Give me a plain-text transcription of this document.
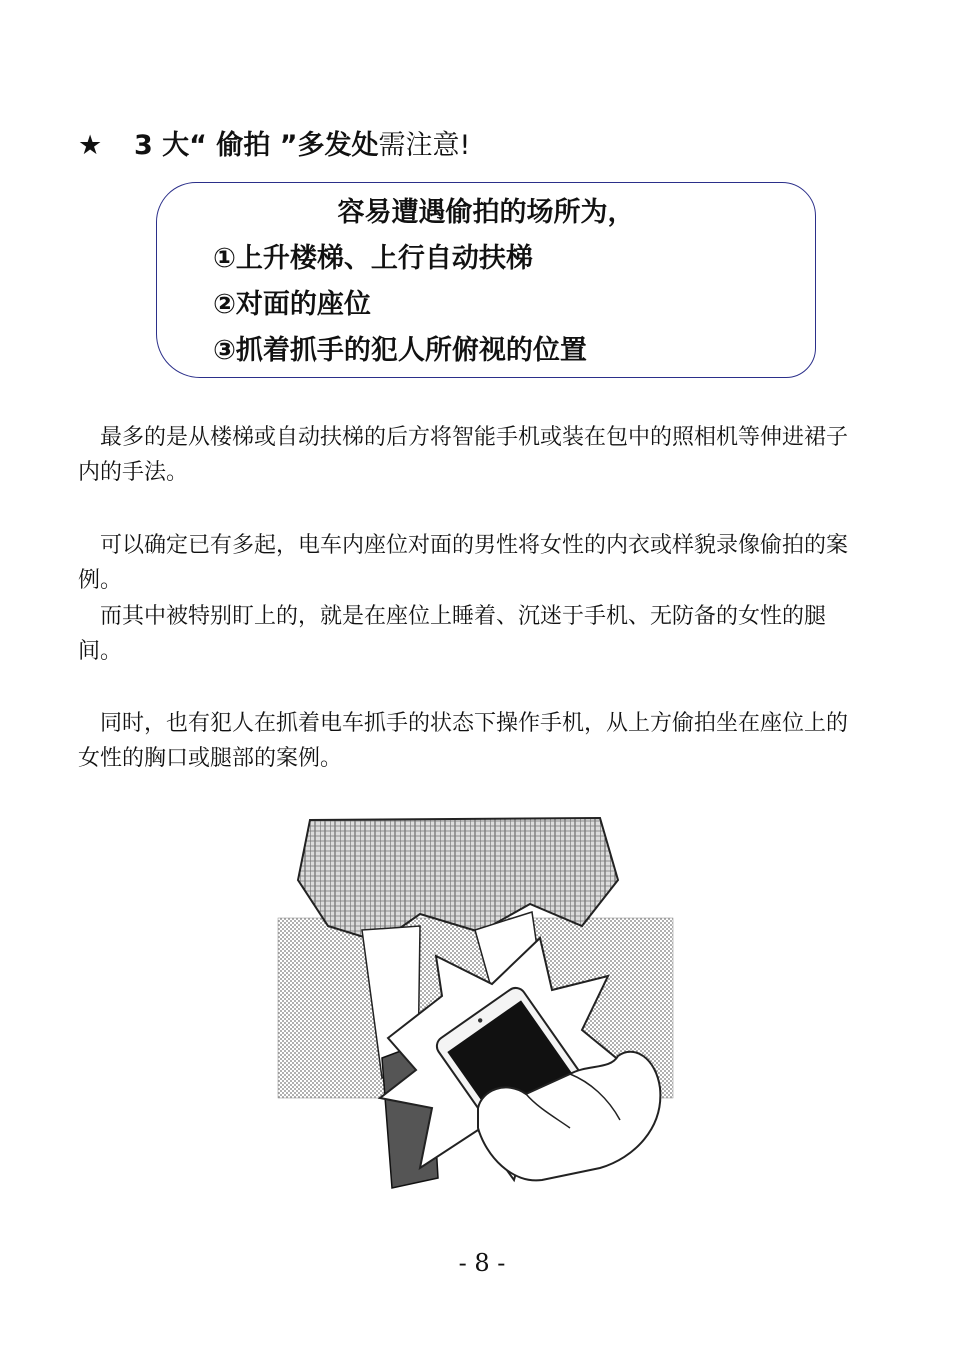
★ 3 大“ 偷拍 ”多发处需注意!
容易遭遇偷拍的场所为，
①上升楼梯、上行自动扶梯
②对面的座位
③抓着抓手的犯人所俯视的位置

最多的是从楼梯或自动扶梯的后方将智能手机或装在包中的照相机等伸进裙子内的手法。

可以确定已有多起，电车内座位对面的男性将女性的内衣或样貌录像偷拍的案例。

而其中被特别盯上的，就是在座位上睡着、沉迷于手机、无防备的女性的腿间。

同时，也有犯人在抓着电车抓手的状态下操作手机，从上方偷拍坐在座位上的女性的胸口或腿部的案例。

- 8 -
